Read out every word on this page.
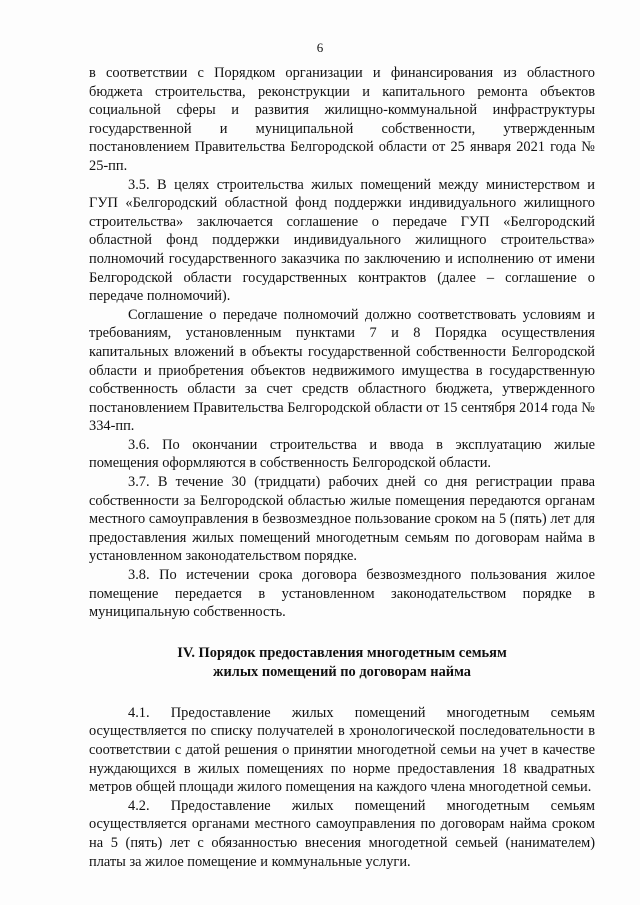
6

в соответствии с Порядком организации и финансирования из областного бюджета строительства, реконструкции и капитального ремонта объектов социальной сферы и развития жилищно-коммунальной инфраструктуры государственной и муниципальной собственности, утвержденным постановлением Правительства Белгородской области от 25 января 2021 года № 25-пп.

3.5. В целях строительства жилых помещений между министерством и ГУП «Белгородский областной фонд поддержки индивидуального жилищного строительства» заключается соглашение о передаче ГУП «Белгородский областной фонд поддержки индивидуального жилищного строительства» полномочий государственного заказчика по заключению и исполнению от имени Белгородской области государственных контрактов (далее – соглашение о передаче полномочий).

Соглашение о передаче полномочий должно соответствовать условиям и требованиям, установленным пунктами 7 и 8 Порядка осуществления капитальных вложений в объекты государственной собственности Белгородской области и приобретения объектов недвижимого имущества в государственную собственность области за счет средств областного бюджета, утвержденного постановлением Правительства Белгородской области от 15 сентября 2014 года № 334-пп.

3.6. По окончании строительства и ввода в эксплуатацию жилые помещения оформляются в собственность Белгородской области.

3.7. В течение 30 (тридцати) рабочих дней со дня регистрации права собственности за Белгородской областью жилые помещения передаются органам местного самоуправления в безвозмездное пользование сроком на 5 (пять) лет для предоставления жилых помещений многодетным семьям по договорам найма в установленном законодательством порядке.

3.8. По истечении срока договора безвозмездного пользования жилое помещение передается в установленном законодательством порядке в муниципальную собственность.

IV. Порядок предоставления многодетным семьям
жилых помещений по договорам найма

4.1. Предоставление жилых помещений многодетным семьям осуществляется по списку получателей в хронологической последовательности в соответствии с датой решения о принятии многодетной семьи на учет в качестве нуждающихся в жилых помещениях по норме предоставления 18 квадратных метров общей площади жилого помещения на каждого члена многодетной семьи.

4.2. Предоставление жилых помещений многодетным семьям осуществляется органами местного самоуправления по договорам найма сроком на 5 (пять) лет с обязанностью внесения многодетной семьей (нанимателем) платы за жилое помещение и коммунальные услуги.
